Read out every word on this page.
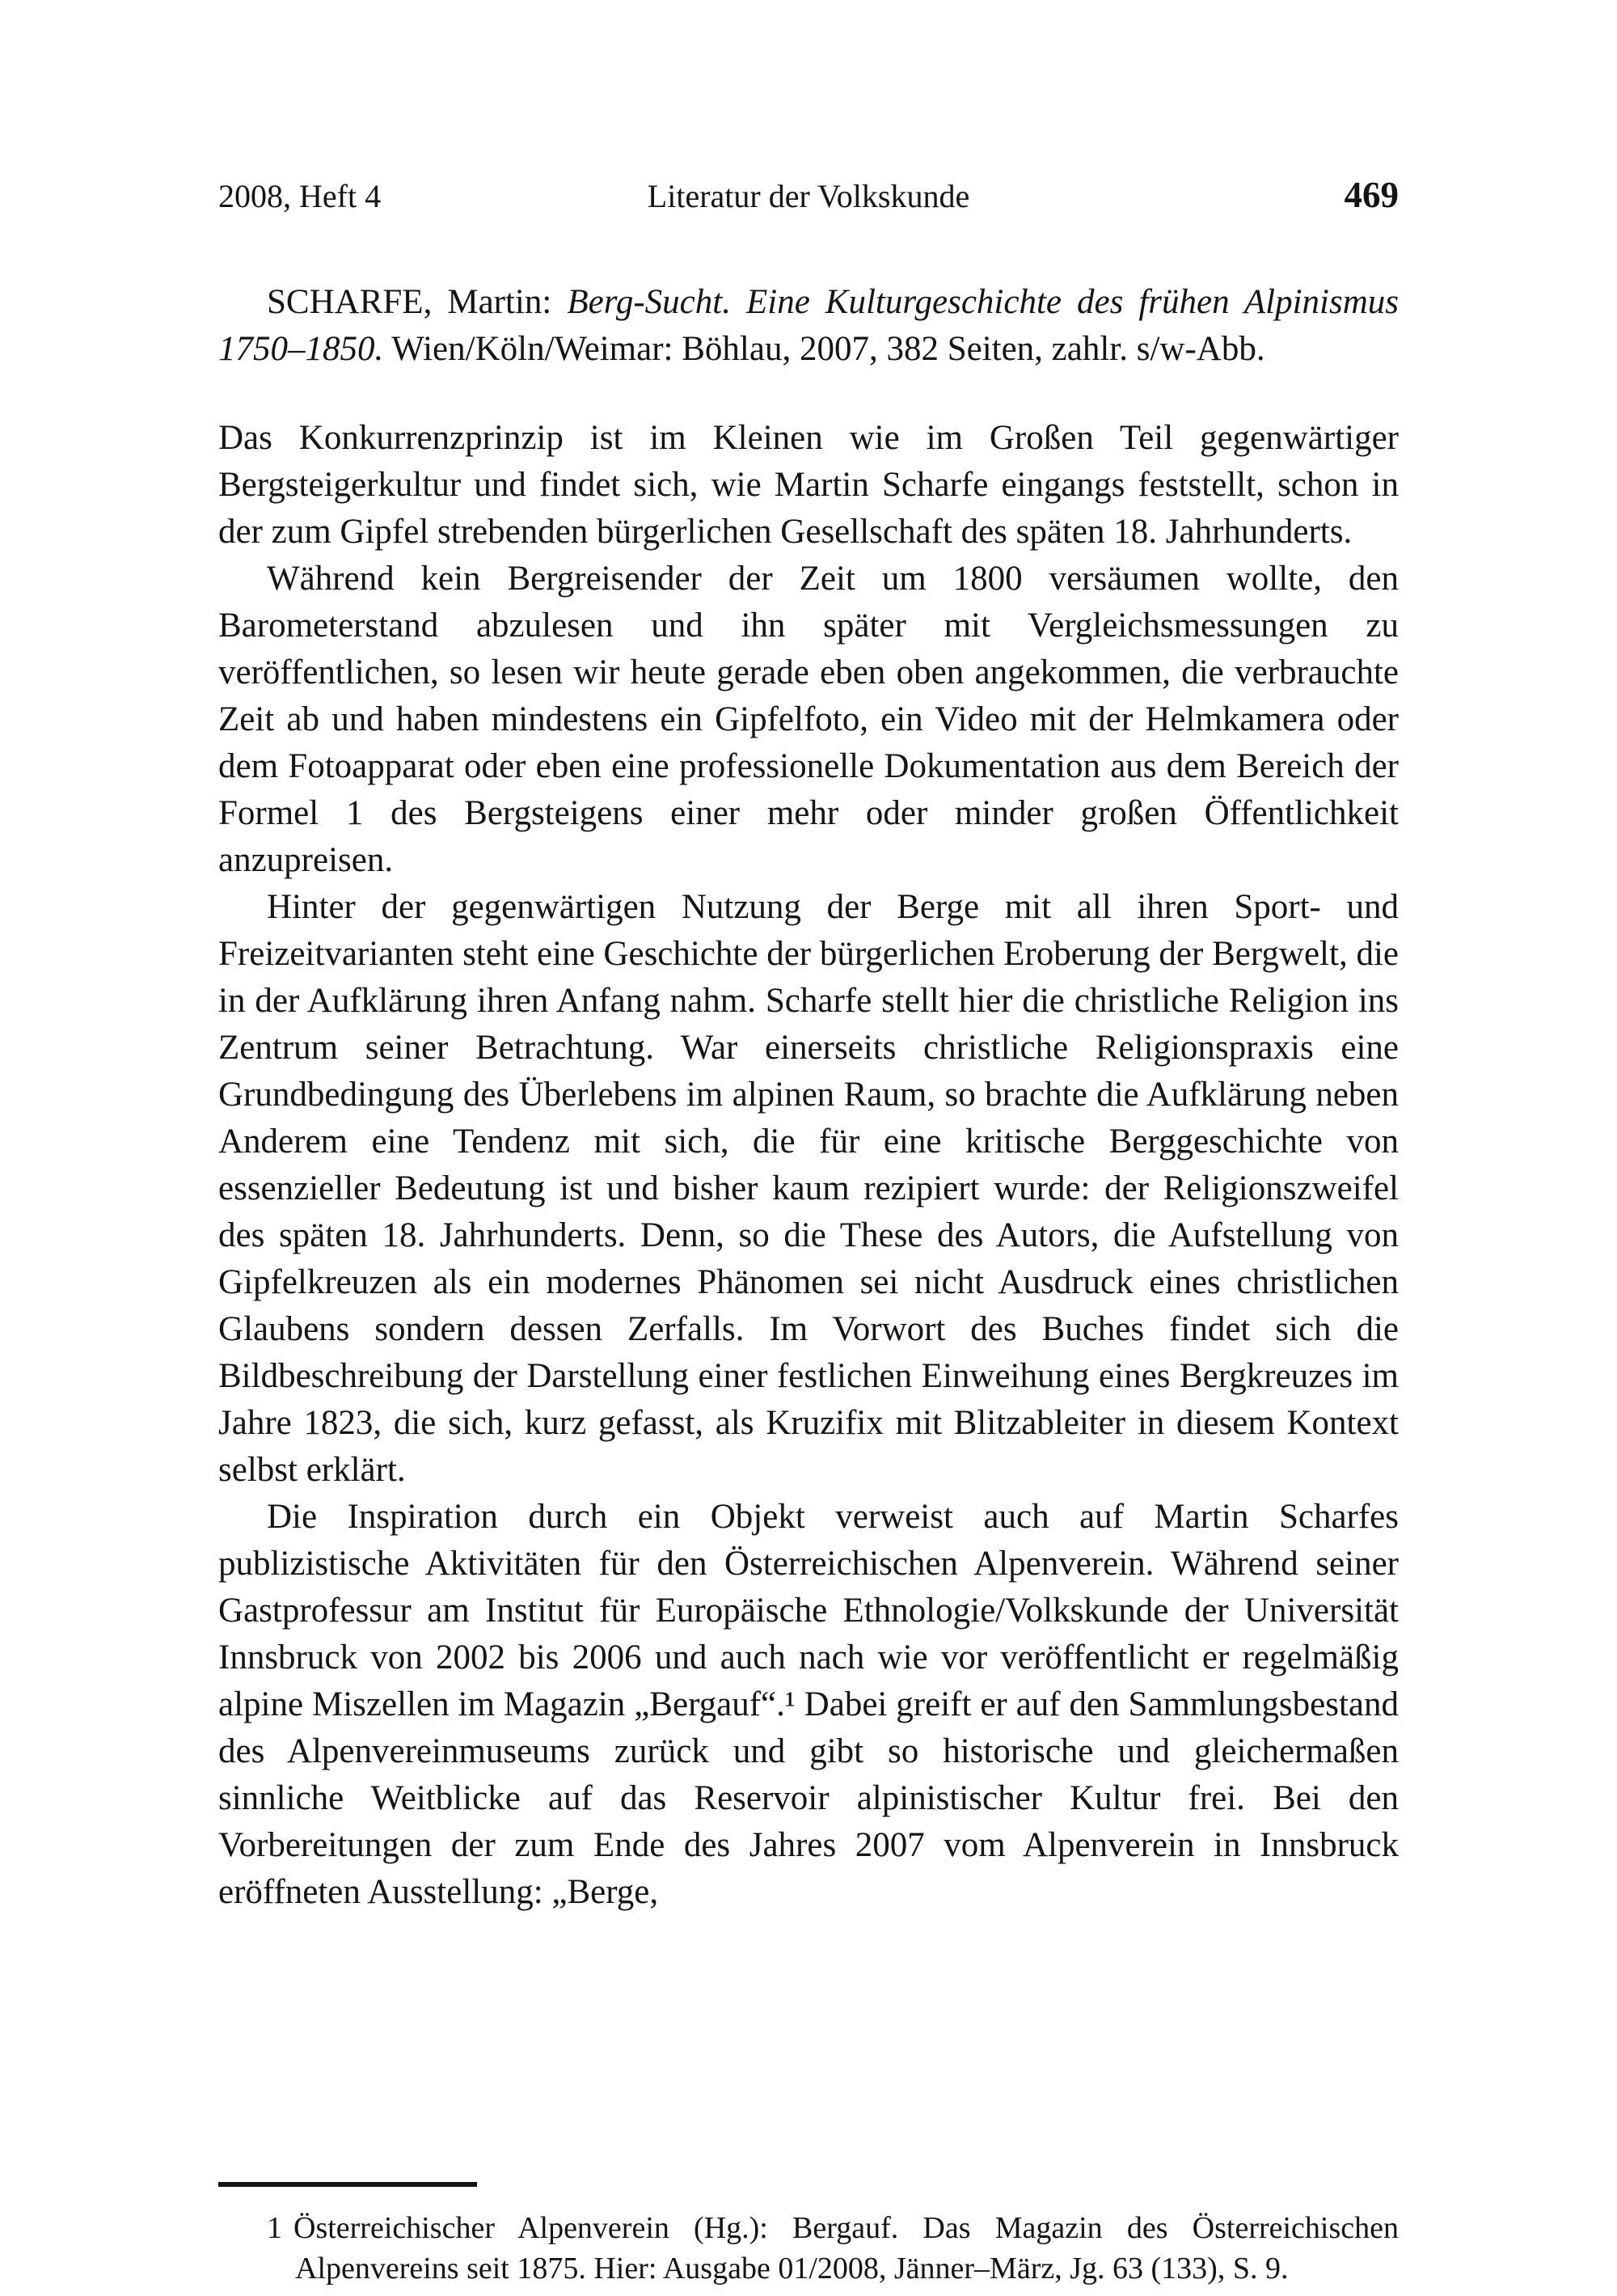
2008, Heft 4	Literatur der Volkskunde	469

SCHARFE, Martin: Berg-Sucht. Eine Kulturgeschichte des frühen Alpinismus 1750–1850. Wien/Köln/Weimar: Böhlau, 2007, 382 Seiten, zahlr. s/w-Abb.

Das Konkurrenzprinzip ist im Kleinen wie im Großen Teil gegenwärtiger Bergsteigerkultur und findet sich, wie Martin Scharfe eingangs feststellt, schon in der zum Gipfel strebenden bürgerlichen Gesellschaft des späten 18. Jahrhunderts.

Während kein Bergreisender der Zeit um 1800 versäumen wollte, den Barometerstand abzulesen und ihn später mit Vergleichsmessungen zu veröffentlichen, so lesen wir heute gerade eben oben angekommen, die verbrauchte Zeit ab und haben mindestens ein Gipfelfoto, ein Video mit der Helmkamera oder dem Fotoapparat oder eben eine professionelle Dokumentation aus dem Bereich der Formel 1 des Bergsteigens einer mehr oder minder großen Öffentlichkeit anzupreisen.

Hinter der gegenwärtigen Nutzung der Berge mit all ihren Sport- und Freizeitvarianten steht eine Geschichte der bürgerlichen Eroberung der Bergwelt, die in der Aufklärung ihren Anfang nahm. Scharfe stellt hier die christliche Religion ins Zentrum seiner Betrachtung. War einerseits christliche Religionspraxis eine Grundbedingung des Überlebens im alpinen Raum, so brachte die Aufklärung neben Anderem eine Tendenz mit sich, die für eine kritische Berggeschichte von essenzieller Bedeutung ist und bisher kaum rezipiert wurde: der Religionszweifel des späten 18. Jahrhunderts. Denn, so die These des Autors, die Aufstellung von Gipfelkreuzen als ein modernes Phänomen sei nicht Ausdruck eines christlichen Glaubens sondern dessen Zerfalls. Im Vorwort des Buches findet sich die Bildbeschreibung der Darstellung einer festlichen Einweihung eines Bergkreuzes im Jahre 1823, die sich, kurz gefasst, als Kruzifix mit Blitzableiter in diesem Kontext selbst erklärt.

Die Inspiration durch ein Objekt verweist auch auf Martin Scharfes publizistische Aktivitäten für den Österreichischen Alpenverein. Während seiner Gastprofessur am Institut für Europäische Ethnologie/Volkskunde der Universität Innsbruck von 2002 bis 2006 und auch nach wie vor veröffentlicht er regelmäßig alpine Miszellen im Magazin „Bergauf“.¹ Dabei greift er auf den Sammlungsbestand des Alpenvereinmuseums zurück und gibt so historische und gleichermaßen sinnliche Weitblicke auf das Reservoir alpinistischer Kultur frei. Bei den Vorbereitungen der zum Ende des Jahres 2007 vom Alpenverein in Innsbruck eröffneten Ausstellung: „Berge,

1 Österreichischer Alpenverein (Hg.): Bergauf. Das Magazin des Österreichischen Alpenvereins seit 1875. Hier: Ausgabe 01/2008, Jänner–März, Jg. 63 (133), S. 9.
